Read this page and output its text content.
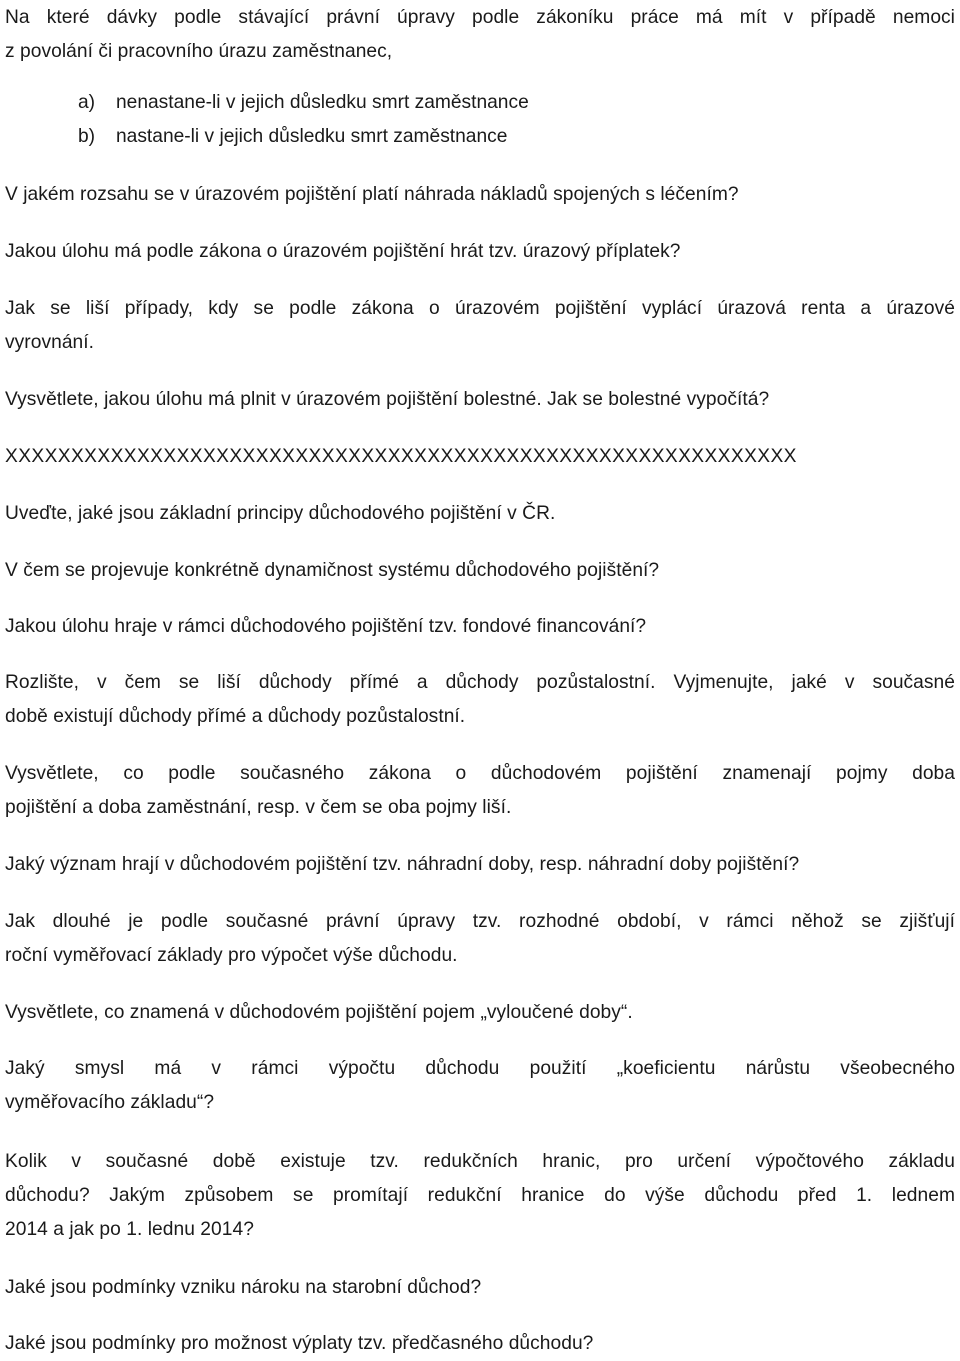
Na které dávky podle stávající právní úpravy podle zákoníku práce má mít v případě nemoci
z povolání či pracovního úrazu zaměstnanec,
a) nenastane-li v jejich důsledku smrt zaměstnance
b) nastane-li v jejich důsledku smrt zaměstnance
V jakém rozsahu se v úrazovém pojištění platí náhrada nákladů spojených s léčením?
Jakou úlohu má podle zákona o úrazovém pojištění hrát tzv. úrazový příplatek?
Jak se liší případy, kdy se podle zákona o úrazovém pojištění vyplácí úrazová renta a úrazové
vyrovnání.
Vysvětlete, jakou úlohu má plnit v úrazovém pojištění bolestné. Jak se bolestné vypočítá?
XXXXXXXXXXXXXXXXXXXXXXXXXXXXXXXXXXXXXXXXXXXXXXXXXXXXXXXXXXXX
Uveďte, jaké jsou základní principy důchodového pojištění v ČR.
V čem se projevuje konkrétně dynamičnost systému důchodového pojištění?
Jakou úlohu hraje v rámci důchodového pojištění tzv. fondové financování?
Rozlište, v čem se liší důchody přímé a důchody pozůstalostní. Vyjmenujte, jaké v současné
době existují důchody přímé a důchody pozůstalostní.
Vysvětlete, co podle současného zákona o důchodovém pojištění znamenají pojmy doba
pojištění a doba zaměstnání, resp. v čem se oba pojmy liší.
Jaký význam hrají v důchodovém pojištění tzv. náhradní doby, resp. náhradní doby pojištění?
Jak dlouhé je podle současné právní úpravy tzv. rozhodné období, v rámci něhož se zjišťují
roční vyměřovací základy pro výpočet výše důchodu.
Vysvětlete, co znamená v důchodovém pojištění pojem „vyloučené doby“.
Jaký smysl má v rámci výpočtu důchodu použití „koeficientu nárůstu všeobecného
vyměřovacího základu“?
Kolik v současné době existuje tzv. redukčních hranic, pro určení výpočtového základu
důchodu? Jakým způsobem se promítají redukční hranice do výše důchodu před 1. lednem
2014 a jak po 1. lednu 2014?
Jaké jsou podmínky vzniku nároku na starobní důchod?
Jaké jsou podmínky pro možnost výplaty tzv. předčasného důchodu?
